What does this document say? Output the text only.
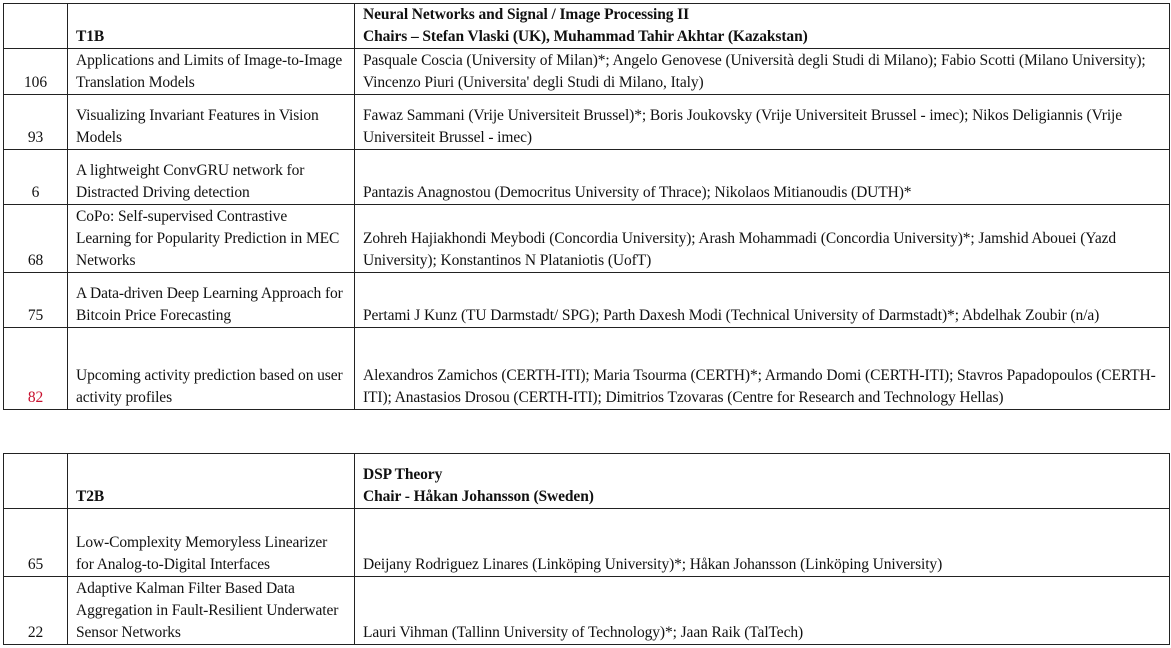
	T1B	Neural Networks and Signal / Image Processing II
Chairs – Stefan Vlaski (UK), Muhammad Tahir Akhtar (Kazakstan)

106	Applications and Limits of Image-to-Image Translation Models	Pasquale Coscia (University of Milan)*; Angelo Genovese (Università degli Studi di Milano); Fabio Scotti (Milano University); Vincenzo Piuri (Universita' degli Studi di Milano, Italy)
93	Visualizing Invariant Features in Vision Models	Fawaz Sammani (Vrije Universiteit Brussel)*; Boris Joukovsky (Vrije Universiteit Brussel - imec); Nikos Deligiannis (Vrije Universiteit Brussel - imec)
6	A lightweight ConvGRU network for Distracted Driving detection	Pantazis Anagnostou (Democritus University of Thrace); Nikolaos Mitianoudis (DUTH)*
68	CoPo: Self-supervised Contrastive Learning for Popularity Prediction in MEC Networks	Zohreh Hajiakhondi Meybodi (Concordia University); Arash Mohammadi (Concordia University)*; Jamshid Abouei (Yazd University); Konstantinos N Plataniotis (UofT)
75	A Data-driven Deep Learning Approach for Bitcoin Price Forecasting	Pertami J Kunz (TU Darmstadt/ SPG); Parth Daxesh Modi (Technical University of Darmstadt)*; Abdelhak Zoubir (n/a)
82	Upcoming activity prediction based on user activity profiles	Alexandros Zamichos (CERTH-ITI); Maria Tsourma (CERTH)*; Armando Domi (CERTH-ITI); Stavros Papadopoulos (CERTH-ITI); Anastasios Drosou (CERTH-ITI); Dimitrios Tzovaras (Centre for Research and Technology Hellas)

	T2B	DSP Theory
Chair - Håkan Johansson (Sweden)

65	Low-Complexity Memoryless Linearizer for Analog-to-Digital Interfaces	Deijany Rodriguez Linares (Linköping University)*; Håkan Johansson (Linköping University)
22	Adaptive Kalman Filter Based Data Aggregation in Fault-Resilient Underwater Sensor Networks	Lauri Vihman (Tallinn University of Technology)*; Jaan Raik (TalTech)
